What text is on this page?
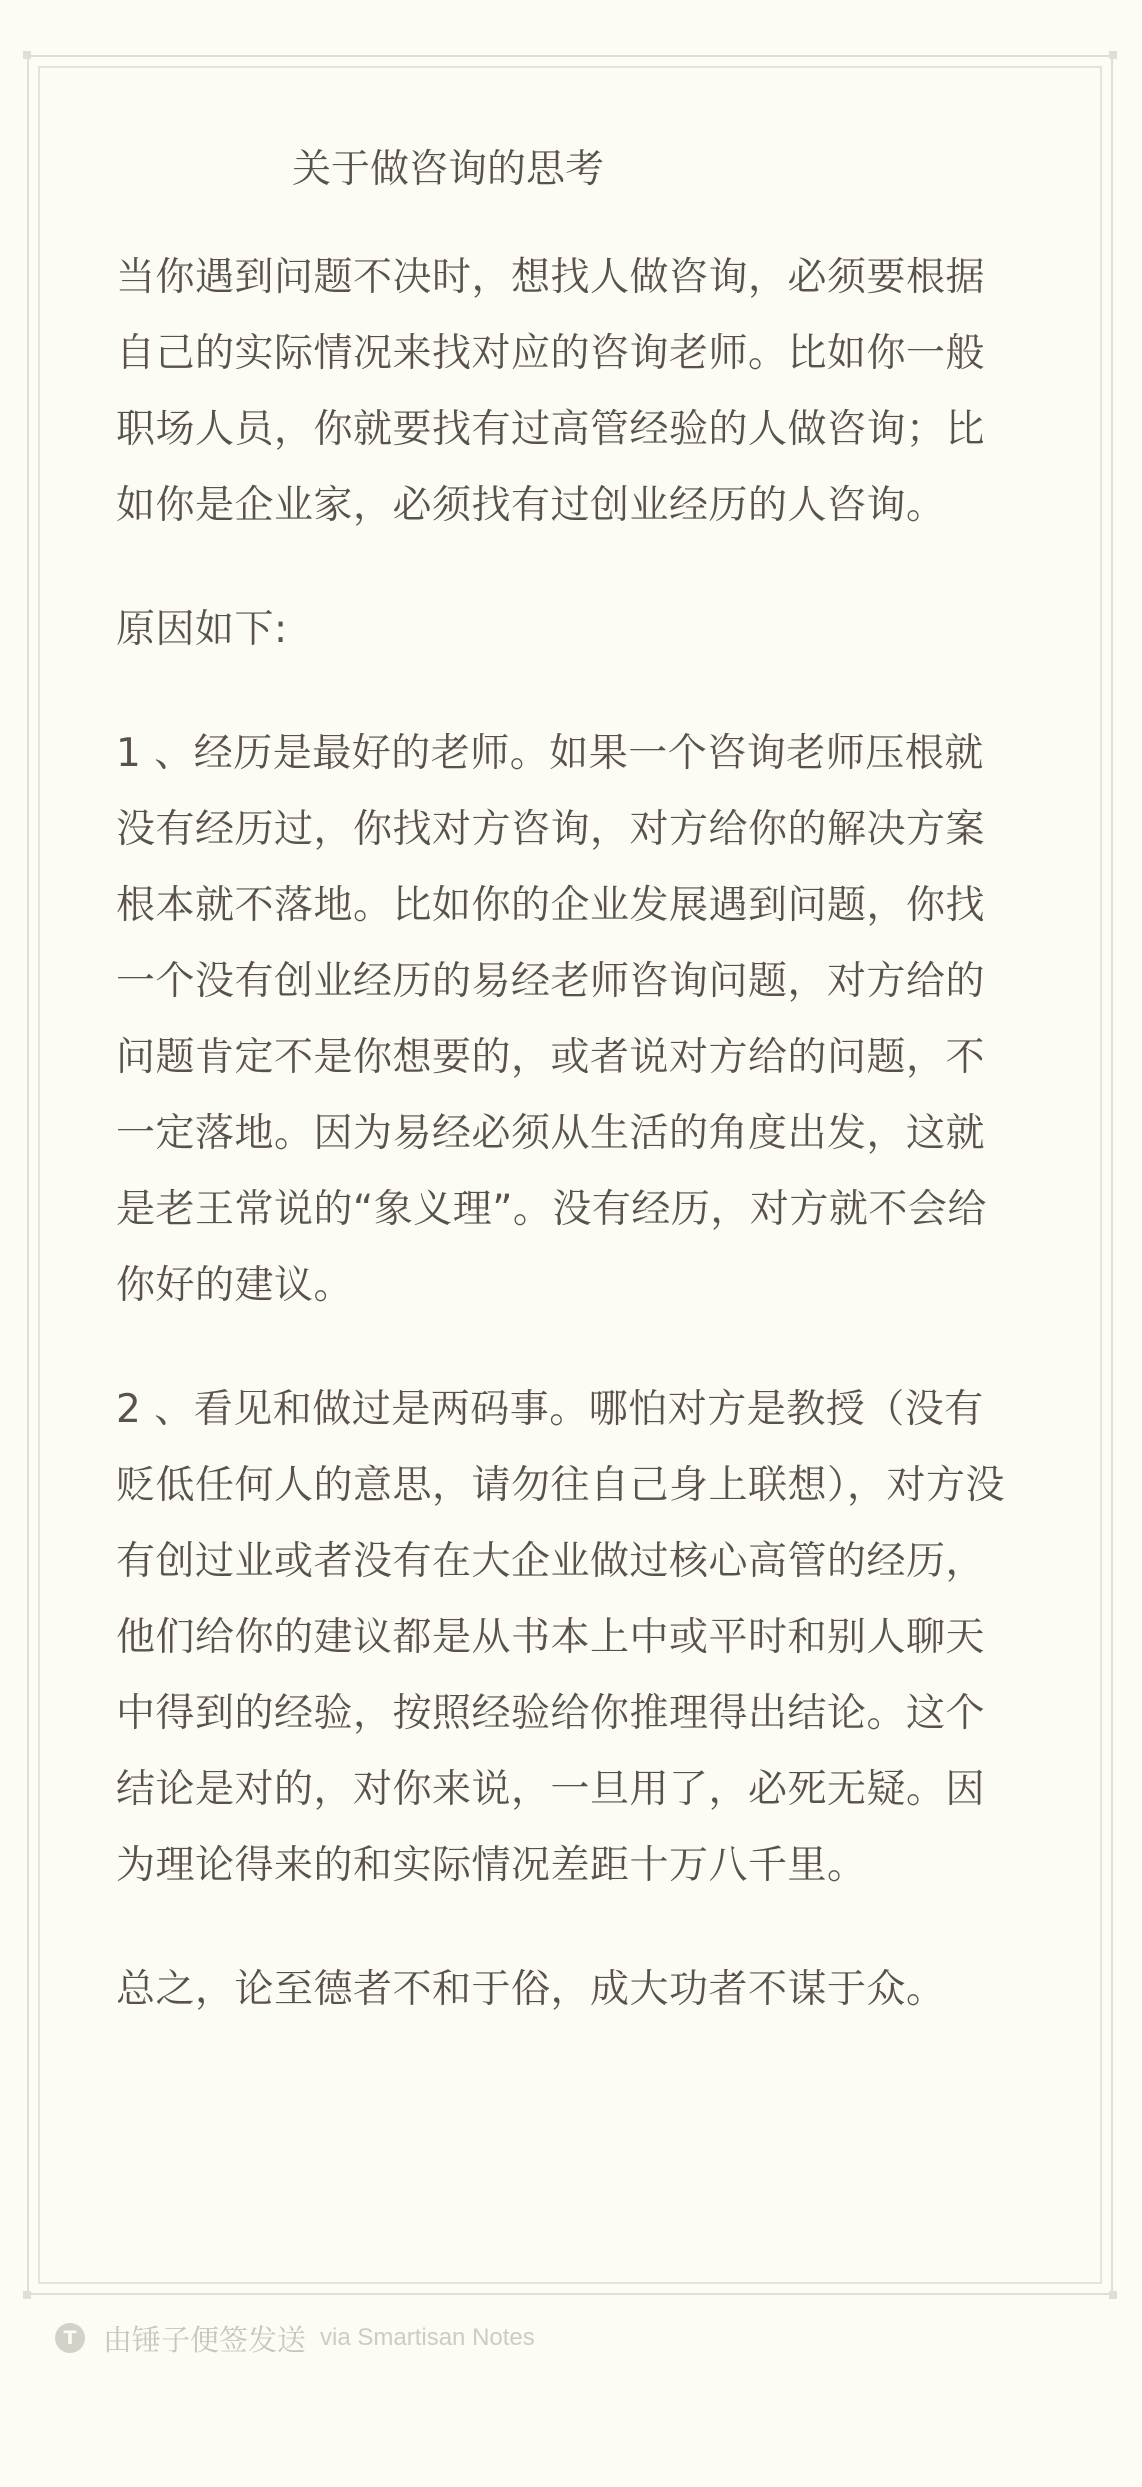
关于做咨询的思考

当你遇到问题不决时，想找人做咨询，必须要根据自己的实际情况来找对应的咨询老师。比如你一般职场人员，你就要找有过高管经验的人做咨询；比如你是企业家，必须找有过创业经历的人咨询。

原因如下:

1 、经历是最好的老师。如果一个咨询老师压根就没有经历过，你找对方咨询，对方给你的解决方案根本就不落地。比如你的企业发展遇到问题，你找一个没有创业经历的易经老师咨询问题，对方给的问题肯定不是你想要的，或者说对方给的问题，不一定落地。因为易经必须从生活的角度出发，这就是老王常说的“象义理”。没有经历，对方就不会给你好的建议。

2 、看见和做过是两码事。哪怕对方是教授（没有贬低任何人的意思，请勿往自己身上联想），对方没有创过业或者没有在大企业做过核心高管的经历，他们给你的建议都是从书本上中或平时和别人聊天中得到的经验，按照经验给你推理得出结论。这个结论是对的，对你来说，一旦用了，必死无疑。因为理论得来的和实际情况差距十万八千里。

总之，论至德者不和于俗，成大功者不谋于众。

T 由锤子便签发送 via Smartisan Notes
